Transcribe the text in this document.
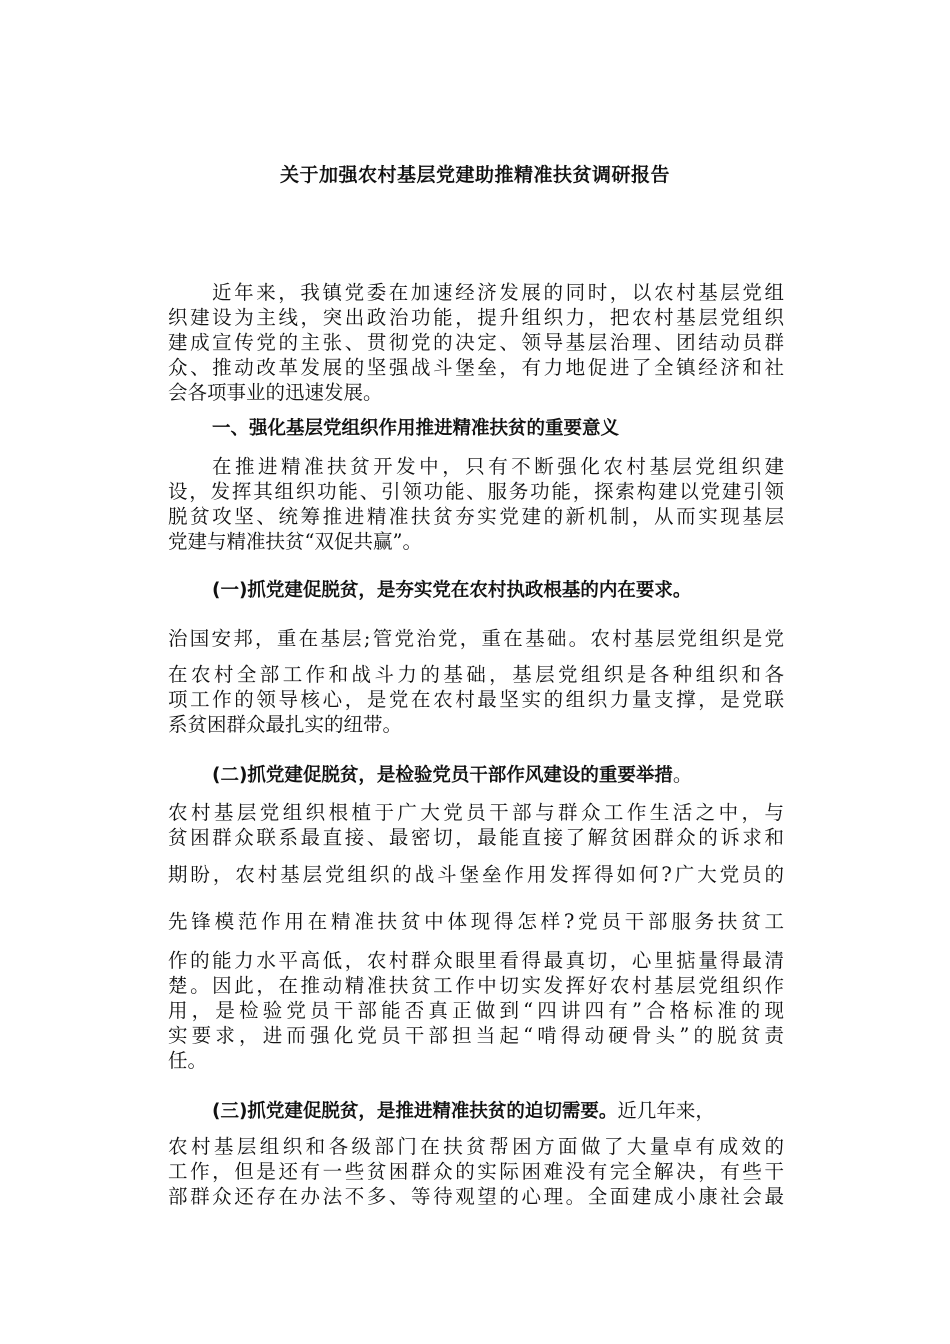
关于加强农村基层党建助推精准扶贫调研报告
近年来，我镇党委在加速经济发展的同时，以农村基层党组
织建设为主线，突出政治功能，提升组织力，把农村基层党组织
建成宣传党的主张、贯彻党的决定、领导基层治理、团结动员群
众、推动改革发展的坚强战斗堡垒，有力地促进了全镇经济和社
会各项事业的迅速发展。
一、强化基层党组织作用推进精准扶贫的重要意义
在推进精准扶贫开发中，只有不断强化农村基层党组织建
设，发挥其组织功能、引领功能、服务功能，探索构建以党建引领
脱贫攻坚、统筹推进精准扶贫夯实党建的新机制，从而实现基层
党建与精准扶贫“双促共赢”。
(一)抓党建促脱贫，是夯实党在农村执政根基的内在要求。
治国安邦，重在基层;管党治党，重在基础。农村基层党组织是党
在农村全部工作和战斗力的基础，基层党组织是各种组织和各
项工作的领导核心，是党在农村最坚实的组织力量支撑，是党联
系贫困群众最扎实的纽带。
(二)抓党建促脱贫，是检验党员干部作风建设的重要举措。
农村基层党组织根植于广大党员干部与群众工作生活之中，与
贫困群众联系最直接、最密切，最能直接了解贫困群众的诉求和
期盼，农村基层党组织的战斗堡垒作用发挥得如何?广大党员的
先锋模范作用在精准扶贫中体现得怎样?党员干部服务扶贫工
作的能力水平高低，农村群众眼里看得最真切，心里掂量得最清
楚。因此，在推动精准扶贫工作中切实发挥好农村基层党组织作
用，是检验党员干部能否真正做到“四讲四有”合格标准的现
实要求，进而强化党员干部担当起“啃得动硬骨头”的脱贫责
任。
(三)抓党建促脱贫，是推进精准扶贫的迫切需要。近几年来，
农村基层组织和各级部门在扶贫帮困方面做了大量卓有成效的
工作，但是还有一些贫困群众的实际困难没有完全解决，有些干
部群众还存在办法不多、等待观望的心理。全面建成小康社会最
